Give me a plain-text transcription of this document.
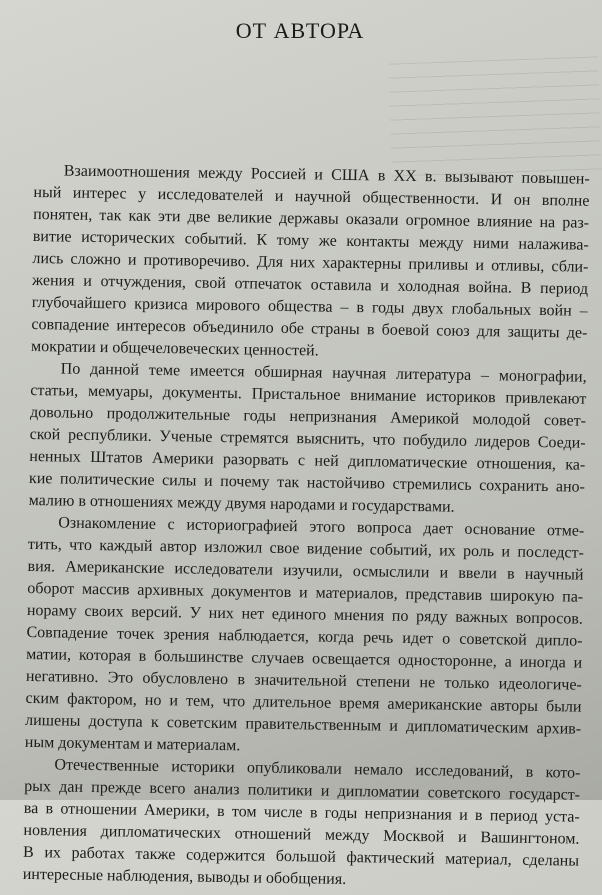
ОТ АВТОРА

Взаимоотношения между Россией и США в XX в. вызывают повышен-
ный интерес у исследователей и научной общественности. И он вполне
понятен, так как эти две великие державы оказали огромное влияние на раз-
витие исторических событий. К тому же контакты между ними налажива-
лись сложно и противоречиво. Для них характерны приливы и отливы, сбли-
жения и отчуждения, свой отпечаток оставила и холодная война. В период
глубочайшего кризиса мирового общества – в годы двух глобальных войн –
совпадение интересов объединило обе страны в боевой союз для защиты де-
мократии и общечеловеческих ценностей.

По данной теме имеется обширная научная литература – монографии,
статьи, мемуары, документы. Пристальное внимание историков привлекают
довольно продолжительные годы непризнания Америкой молодой совет-
ской республики. Ученые стремятся выяснить, что побудило лидеров Соеди-
ненных Штатов Америки разорвать с ней дипломатические отношения, ка-
кие политические силы и почему так настойчиво стремились сохранить ано-
малию в отношениях между двумя народами и государствами.

Ознакомление с историографией этого вопроса дает основание отме-
тить, что каждый автор изложил свое видение событий, их роль и последст-
вия. Американские исследователи изучили, осмыслили и ввели в научный
оборот массив архивных документов и материалов, представив широкую па-
нораму своих версий. У них нет единого мнения по ряду важных вопросов.
Совпадение точек зрения наблюдается, когда речь идет о советской дипло-
матии, которая в большинстве случаев освещается односторонне, а иногда и
негативно. Это обусловлено в значительной степени не только идеологиче-
ским фактором, но и тем, что длительное время американские авторы были
лишены доступа к советским правительственным и дипломатическим архив-
ным документам и материалам.

Отечественные историки опубликовали немало исследований, в кото-
рых дан прежде всего анализ политики и дипломатии советского государст-
ва в отношении Америки, в том числе в годы непризнания и в период уста-
новления дипломатических отношений между Москвой и Вашингтоном.
В их работах также содержится большой фактический материал, сделаны
интересные наблюдения, выводы и обобщения.
